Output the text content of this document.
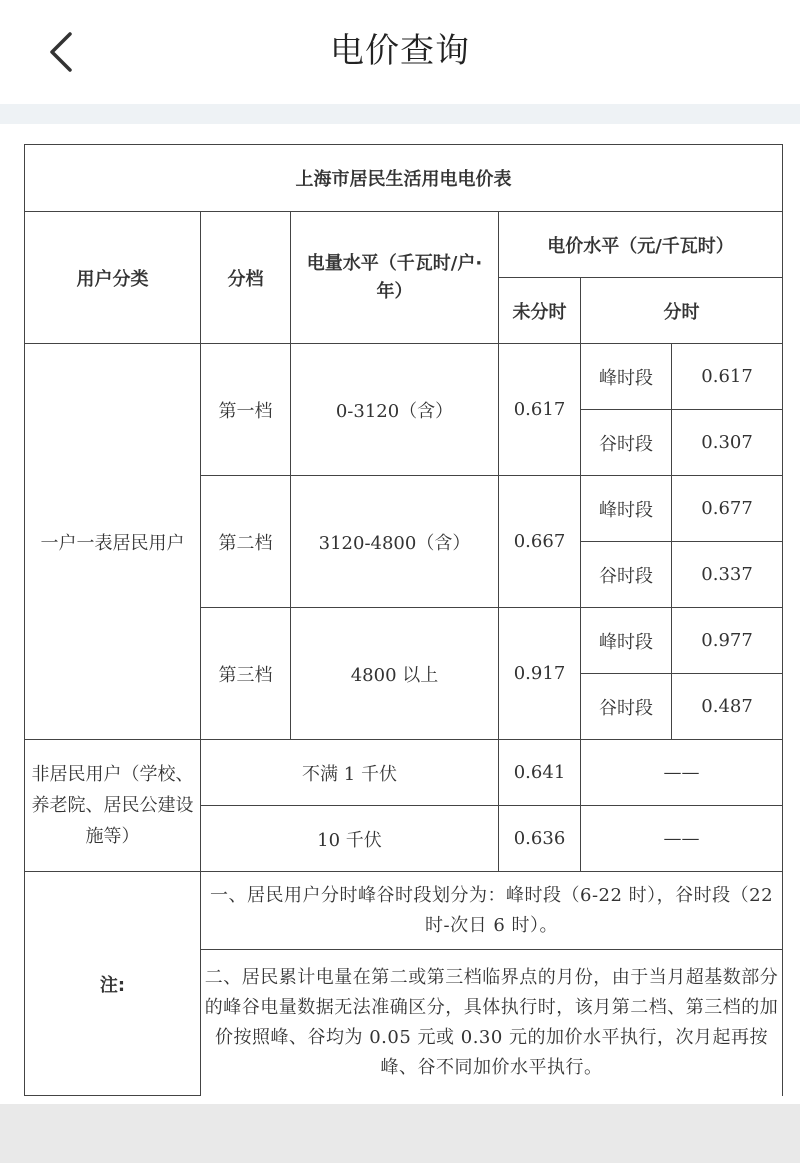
电价查询
上海市居民生活用电电价表					
用户分类	分档	电量水平（千瓦时/户·年）	电价水平（元/千瓦时）		
			未分时	分时	
一户一表居民用户	第一档	0-3120（含）	0.617	峰时段	0.617
				谷时段	0.307
	第二档	3120-4800（含）	0.667	峰时段	0.677
				谷时段	0.337
	第三档	4800 以上	0.917	峰时段	0.977
				谷时段	0.487
非居民用户（学校、养老院、居民公建设施等）	不满 1 千伏		0.641	——	
	10 千伏		0.636	——	
注:	一、居民用户分时峰谷时段划分为：峰时段（6-22 时），谷时段（22时-次日 6 时）。				
	二、居民累计电量在第二或第三档临界点的月份，由于当月超基数部分的峰谷电量数据无法准确区分，具体执行时，该月第二档、第三档的加价按照峰、谷均为 0.05 元或 0.30 元的加价水平执行，次月起再按峰、谷不同加价水平执行。				
